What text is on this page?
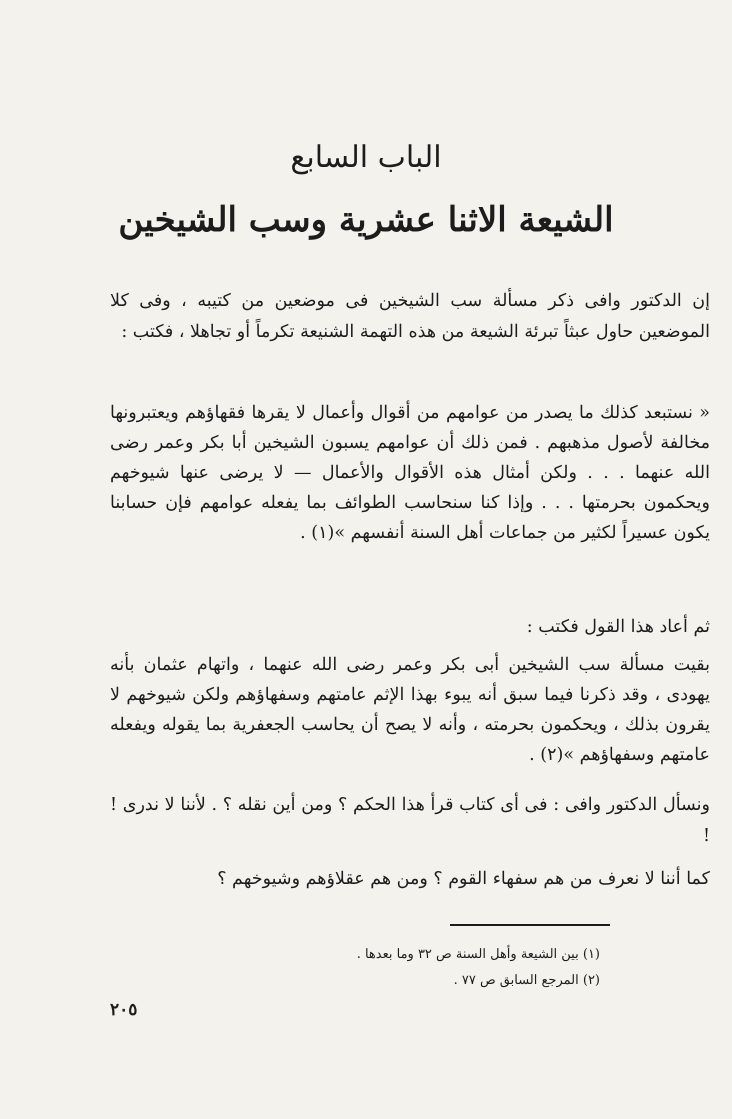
الباب السابع
الشيعة الاثنا عشرية وسب الشيخين
إن الدكتور وافى ذكر مسألة سب الشيخين فى موضعين من كتيبه ، وفى كلا الموضعين حاول عبثاً تبرئة الشيعة من هذه التهمة الشنيعة تكرماً أو تجاهلا ، فكتب :
« نستبعد كذلك ما يصدر من عوامهم من أقوال وأعمال لا يقرها فقهاؤهم ويعتبرونها مخالفة لأصول مذهبهم . فمن ذلك أن عوامهم يسبون الشيخين أبا بكر وعمر رضى الله عنهما . . . ولكن أمثال هذه الأقوال والأعمال — لا يرضى عنها شيوخهم ويحكمون بحرمتها . . . وإذا كنا سنحاسب الطوائف بما يفعله عوامهم فإن حسابنا يكون عسيراً لكثير من جماعات أهل السنة أنفسهم »(١) .
ثم أعاد هذا القول فكتب :
بقيت مسألة سب الشيخين أبى بكر وعمر رضى الله عنهما ، واتهام عثمان بأنه يهودى ، وقد ذكرنا فيما سبق أنه يبوء بهذا الإثم عامتهم وسفهاؤهم ولكن شيوخهم لا يقرون بذلك ، ويحكمون بحرمته ، وأنه لا يصح أن يحاسب الجعفرية بما يقوله ويفعله عامتهم وسفهاؤهم »(٢) .
ونسأل الدكتور وافى : فى أى كتاب قرأ هذا الحكم ؟ ومن أين نقله ؟ . لأننا لا ندرى ! !
كما أننا لا نعرف من هم سفهاء القوم ؟ ومن هم عقلاؤهم وشيوخهم ؟
(١) بين الشيعة وأهل السنة ص ٣٢ وما بعدها .
(٢) المرجع السابق ص ٧٧ .
٢٠٥
